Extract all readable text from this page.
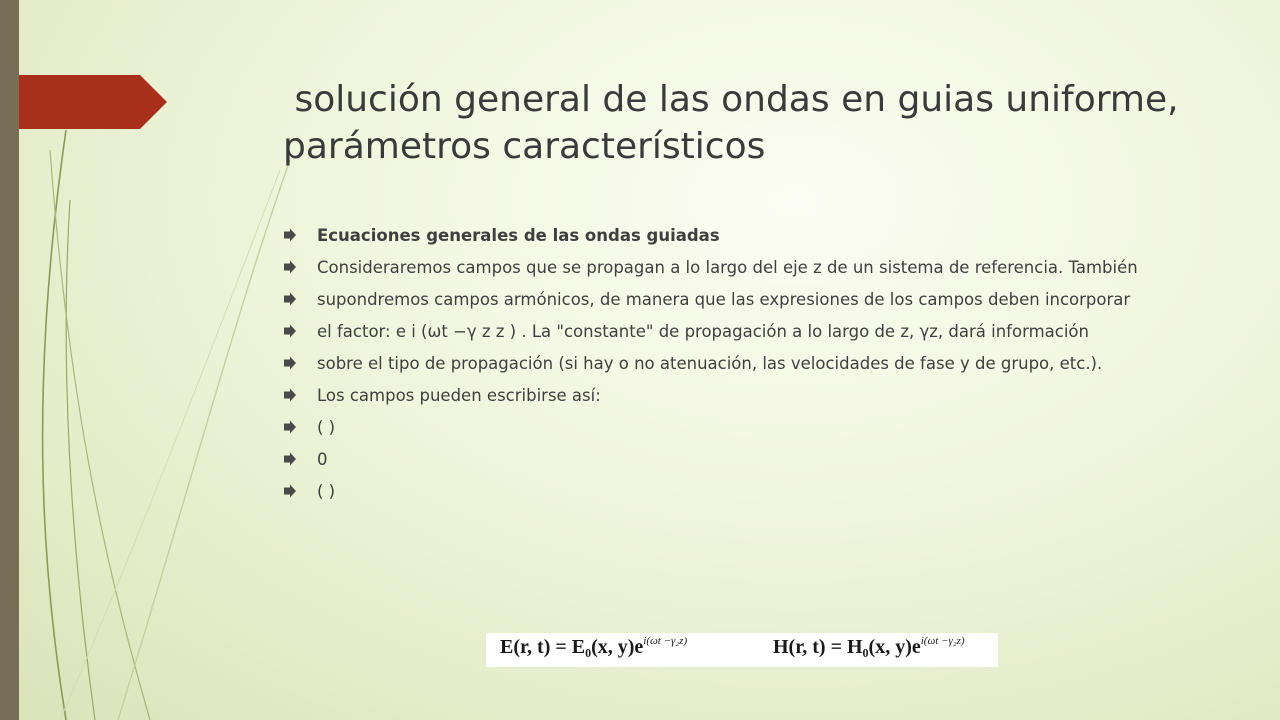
solución general de las ondas en guias uniforme, parámetros característicos
Ecuaciones generales de las ondas guiadas
Consideraremos campos que se propagan a lo largo del eje z de un sistema de referencia. También
supondremos campos armónicos, de manera que las expresiones de los campos deben incorporar
el factor: e i (ωt −γ z z ) . La "constante" de propagación a lo largo de z, γz, dará información
sobre el tipo de propagación (si hay o no atenuación, las velocidades de fase y de grupo, etc.).
Los campos pueden escribirse así:
( )
0
( )
E(r, t) = E₀(x, $y)e^{i(\omega t -\gamma_2z)}$	H(r, t) = H₀(x, $y)e^{i(\omega t -\gamma_2z)}$
